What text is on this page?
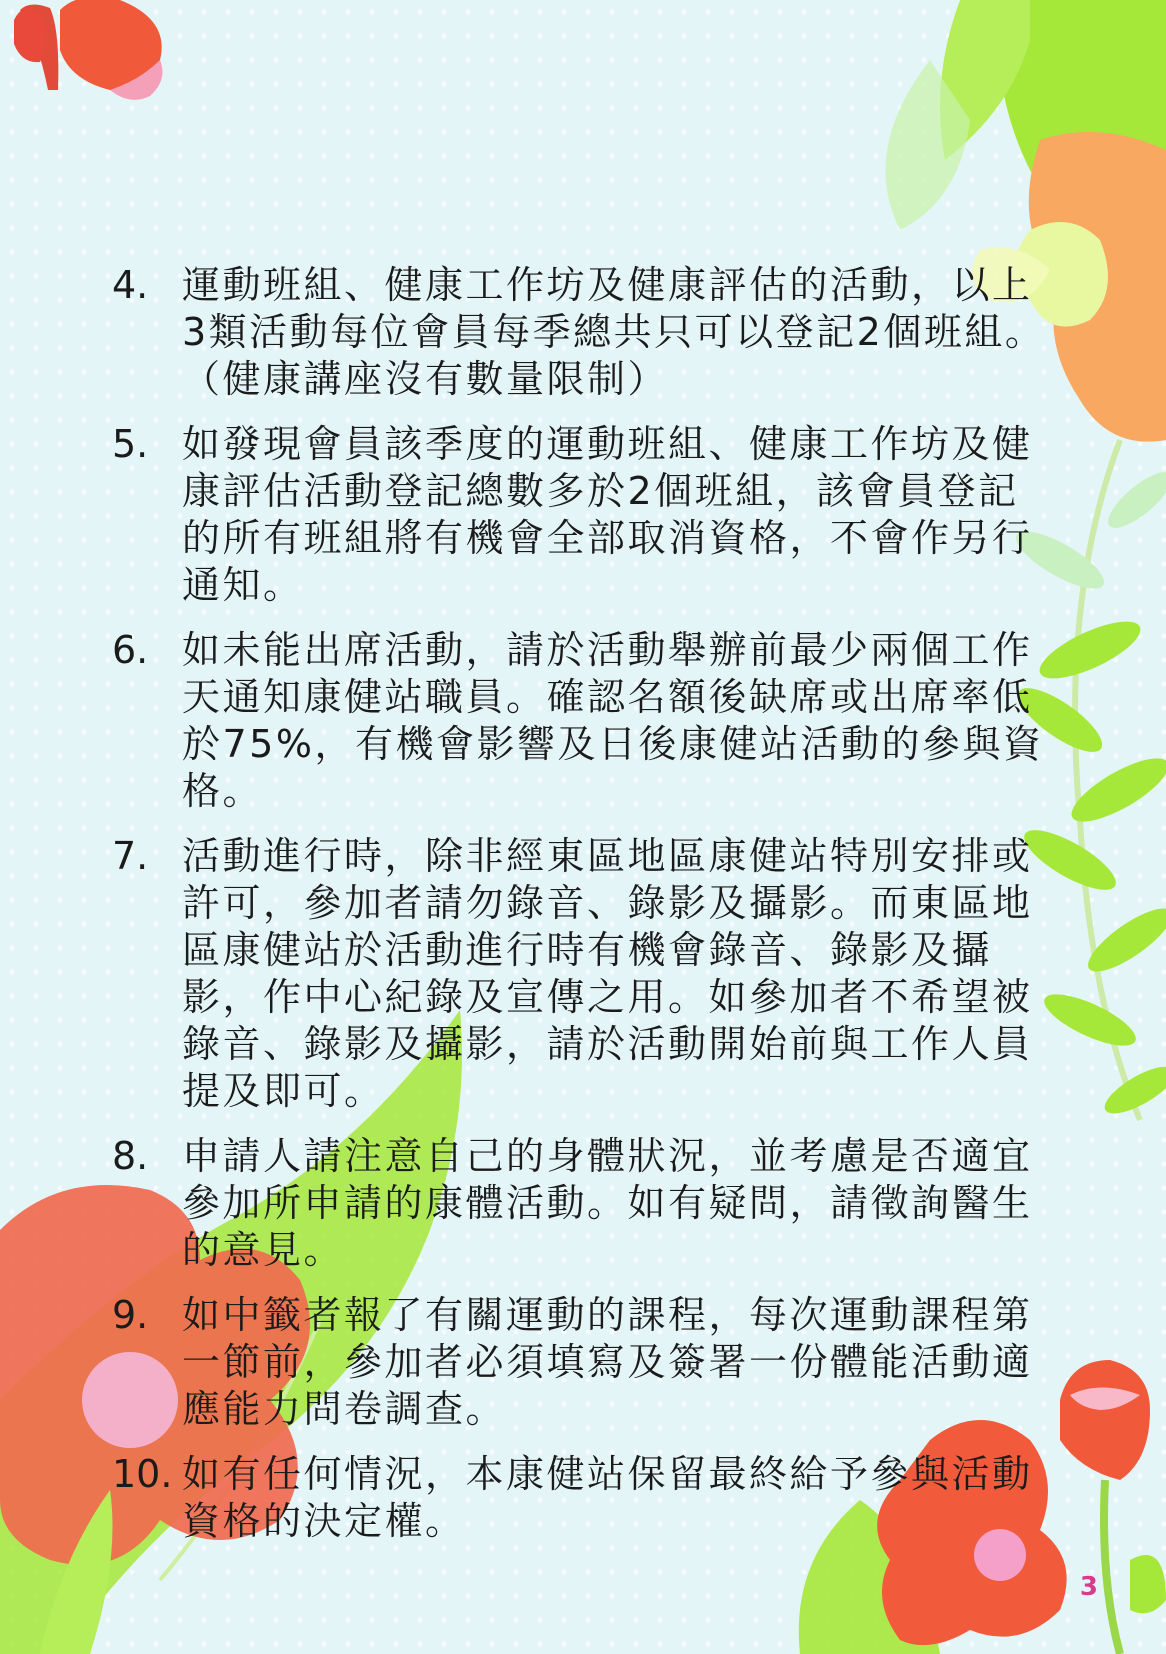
4. 運動班組、健康工作坊及健康評估的活動，以上3類活動每位會員每季總共只可以登記2個班組。（健康講座沒有數量限制）
5. 如發現會員該季度的運動班組、健康工作坊及健康評估活動登記總數多於2個班組，該會員登記的所有班組將有機會全部取消資格，不會作另行通知。
6. 如未能出席活動，請於活動舉辦前最少兩個工作天通知康健站職員。確認名額後缺席或出席率低於75%，有機會影響及日後康健站活動的參與資格。
7. 活動進行時，除非經東區地區康健站特別安排或許可，參加者請勿錄音、錄影及攝影。而東區地區康健站於活動進行時有機會錄音、錄影及攝影，作中心紀錄及宣傳之用。如參加者不希望被錄音、錄影及攝影，請於活動開始前與工作人員提及即可。
8. 申請人請注意自己的身體狀況，並考慮是否適宜參加所申請的康體活動。如有疑問，請徵詢醫生的意見。
9. 如中籤者報了有關運動的課程，每次運動課程第一節前，參加者必須填寫及簽署一份體能活動適應能力問卷調查。
10. 如有任何情況，本康健站保留最終給予參與活動資格的決定權。
3
